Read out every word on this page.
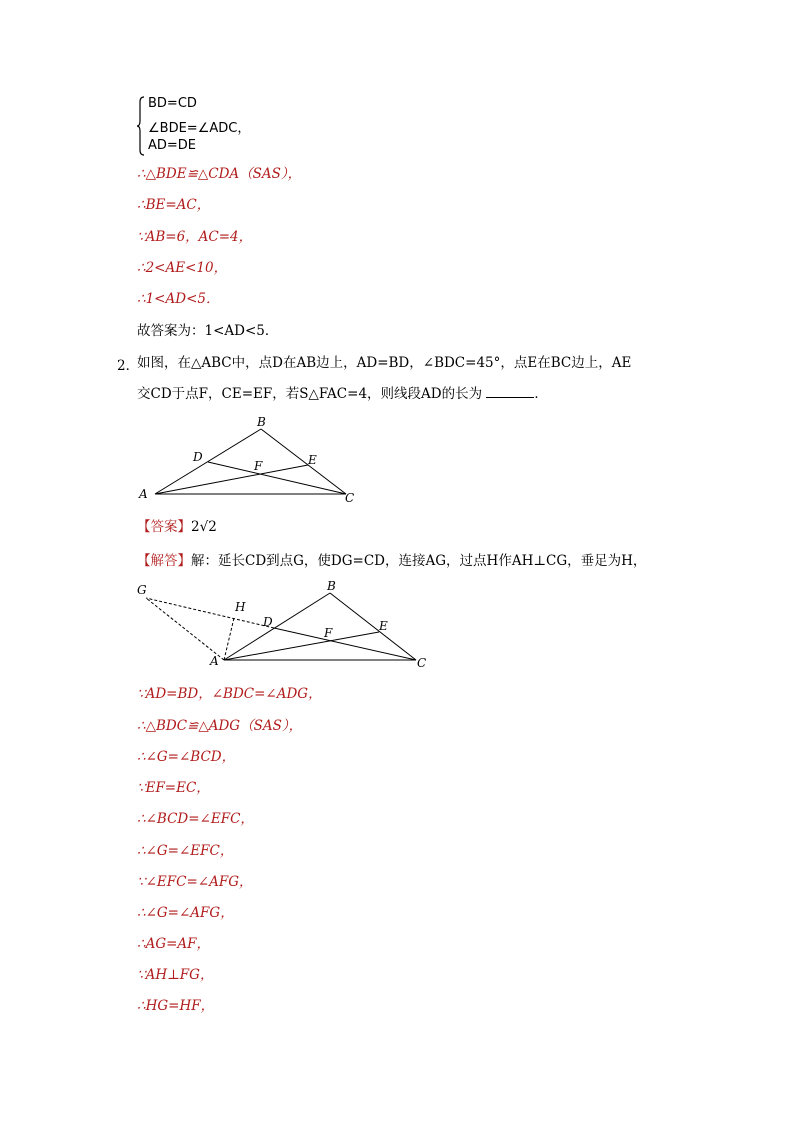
BD=CD
∠BDE=∠ADC，
AD=DE
∴△BDE≌△CDA（SAS），
∴BE=AC，
∵AB=6，AC=4，
∴2<AE<10，
∴1<AD<5．
故答案为：1<AD<5．
2．
如图，在△ABC中，点D在AB边上，AD=BD，∠BDC=45°，点E在BC边上，AE
交CD于点F，CE=EF，若S△FAC=4，则线段AD的长为	．
B
D
F	E
A	C
【答案】2√2
【解答】解：延长CD到点G，使DG=CD，连接AG，过点H作AH⊥CG，垂足为H，
G
H
B
D
F	E
A	C
∵AD=BD，∠BDC=∠ADG，
∴△BDC≌△ADG（SAS），
∴∠G=∠BCD，
∵EF=EC，
∴∠BCD=∠EFC，
∴∠G=∠EFC，
∵∠EFC=∠AFG，
∴∠G=∠AFG，
∴AG=AF，
∵AH⊥FG，
∴HG=HF，
